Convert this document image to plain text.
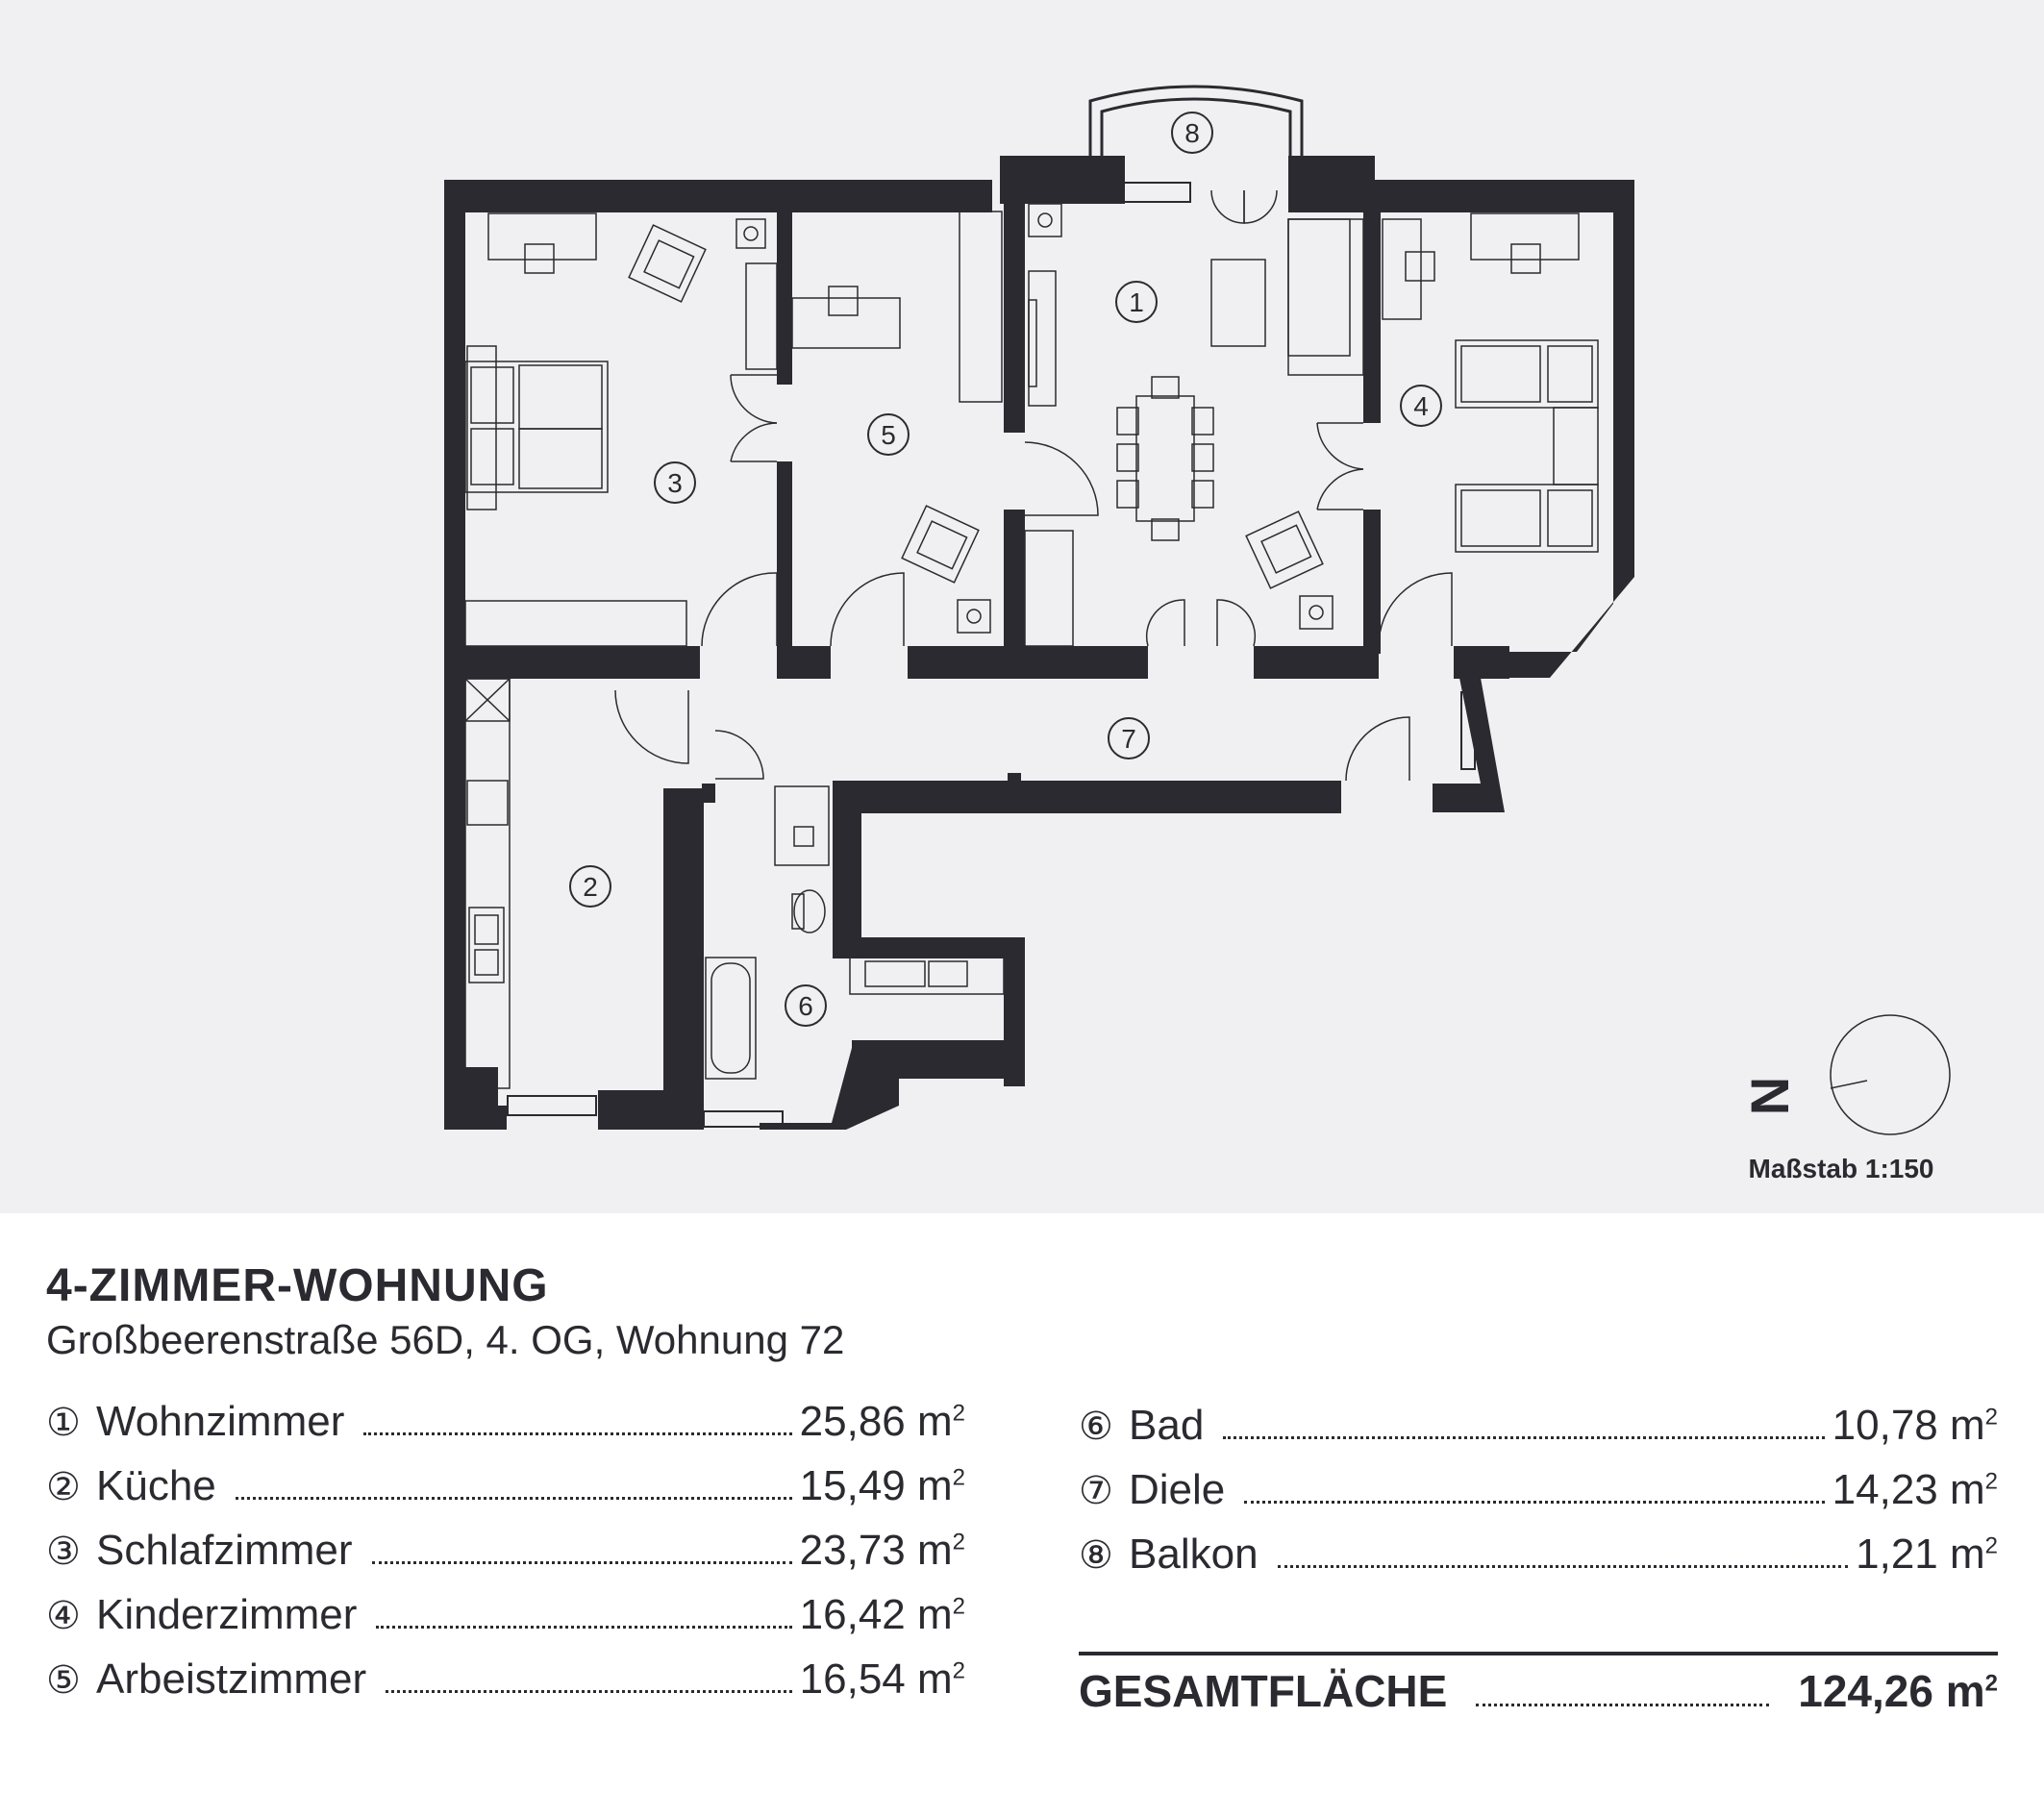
1
2
3
4
5
6
7
8
N
Maßstab 1:150
4-ZIMMER-WOHNUNG
Großbeerenstraße 56D, 4. OG, Wohnung 72
① Wohnzimmer	25,86 $m^2$
② Küche	15,49 $m^2$
③ Schlafzimmer	23,73 $m^2$
④ Kinderzimmer	16,42 $m^2$
⑤ Arbeistzimmer	16,54 $m^2$
⑥ Bad	10,78 $m^2$
⑦ Diele	14,23 $m^2$
⑧ Balkon	1,21 $m^2$
GESAMTFLÄCHE	124,26 $m^2$
